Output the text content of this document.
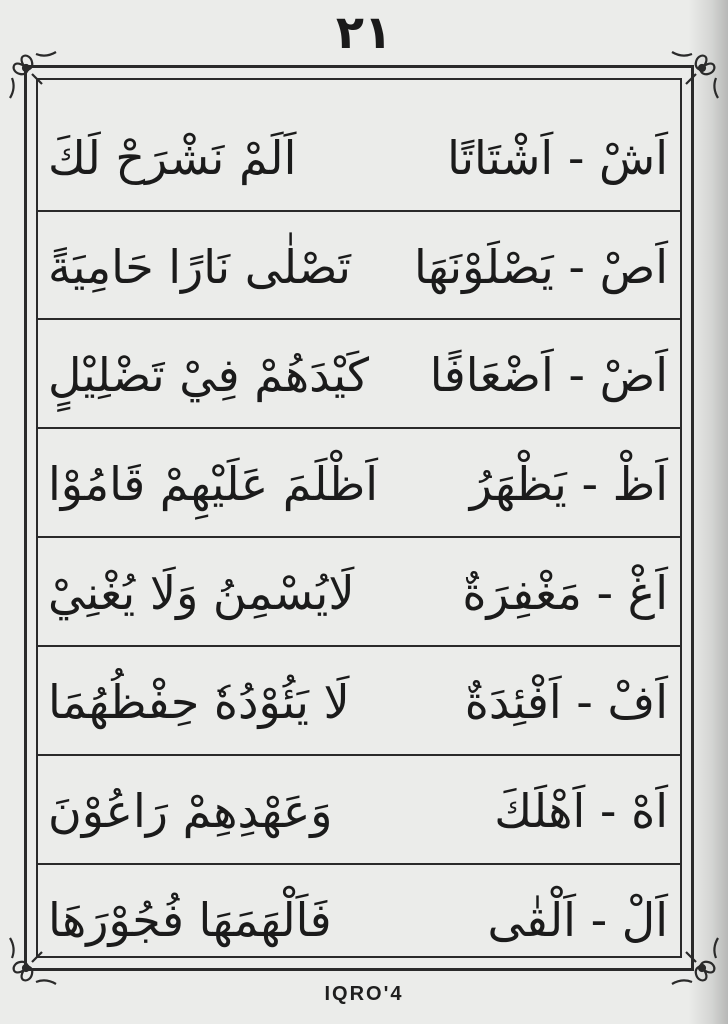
٢١
اَشْ - اَشْتَاتًا
اَلَمْ نَشْرَحْ لَكَ
اَصْ - يَصْلَوْنَهَا
تَصْلٰى نَارًا حَامِيَةً
اَضْ - اَضْعَافًا
كَيْدَهُمْ فِيْ تَضْلِيْلٍ
اَظْ - يَظْهَرُ
اَظْلَمَ عَلَيْهِمْ قَامُوْا
اَغْ - مَغْفِرَةٌ
لَايُسْمِنُ وَلَا يُغْنِيْ
اَفْ - اَفْئِدَةٌ
لَا يَئُوْدُهٗ حِفْظُهُمَا
اَهْ - اَهْلَكَ
وَعَهْدِهِمْ رَاعُوْنَ
اَلْ - اَلْقٰى
فَاَلْهَمَهَا فُجُوْرَهَا
IQRO'4
